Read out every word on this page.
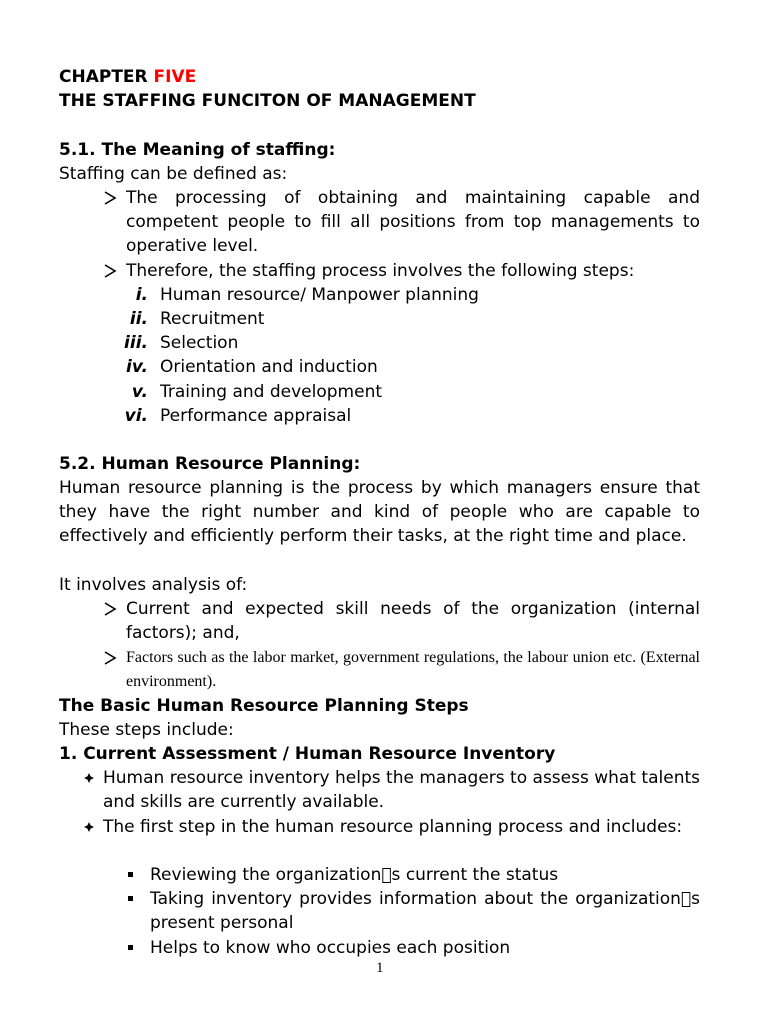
CHAPTER FIVE
THE STAFFING FUNCITON OF MANAGEMENT
5.1. The Meaning of staffing:
Staffing can be defined as:
The processing of obtaining and maintaining capable and competent people to fill all positions from top managements to operative level.
Therefore, the staffing process involves the following steps:
i. Human resource/ Manpower planning
ii. Recruitment
iii. Selection
iv. Orientation and induction
v. Training and development
vi. Performance appraisal
5.2. Human Resource Planning:
Human resource planning is the process by which managers ensure that they have the right number and kind of people who are capable to effectively and efficiently perform their tasks, at the right time and place.
It involves analysis of:
Current and expected skill needs of the organization (internal factors); and,
Factors such as the labor market, government regulations, the labour union etc. (External environment).
The Basic Human Resource Planning Steps
These steps include:
1. Current Assessment / Human Resource Inventory
Human resource inventory helps the managers to assess what talents and skills are currently available.
The first step in the human resource planning process and includes:
Reviewing the organization s current the status
Taking inventory provides information about the organization s present personal
Helps to know who occupies each position
1
